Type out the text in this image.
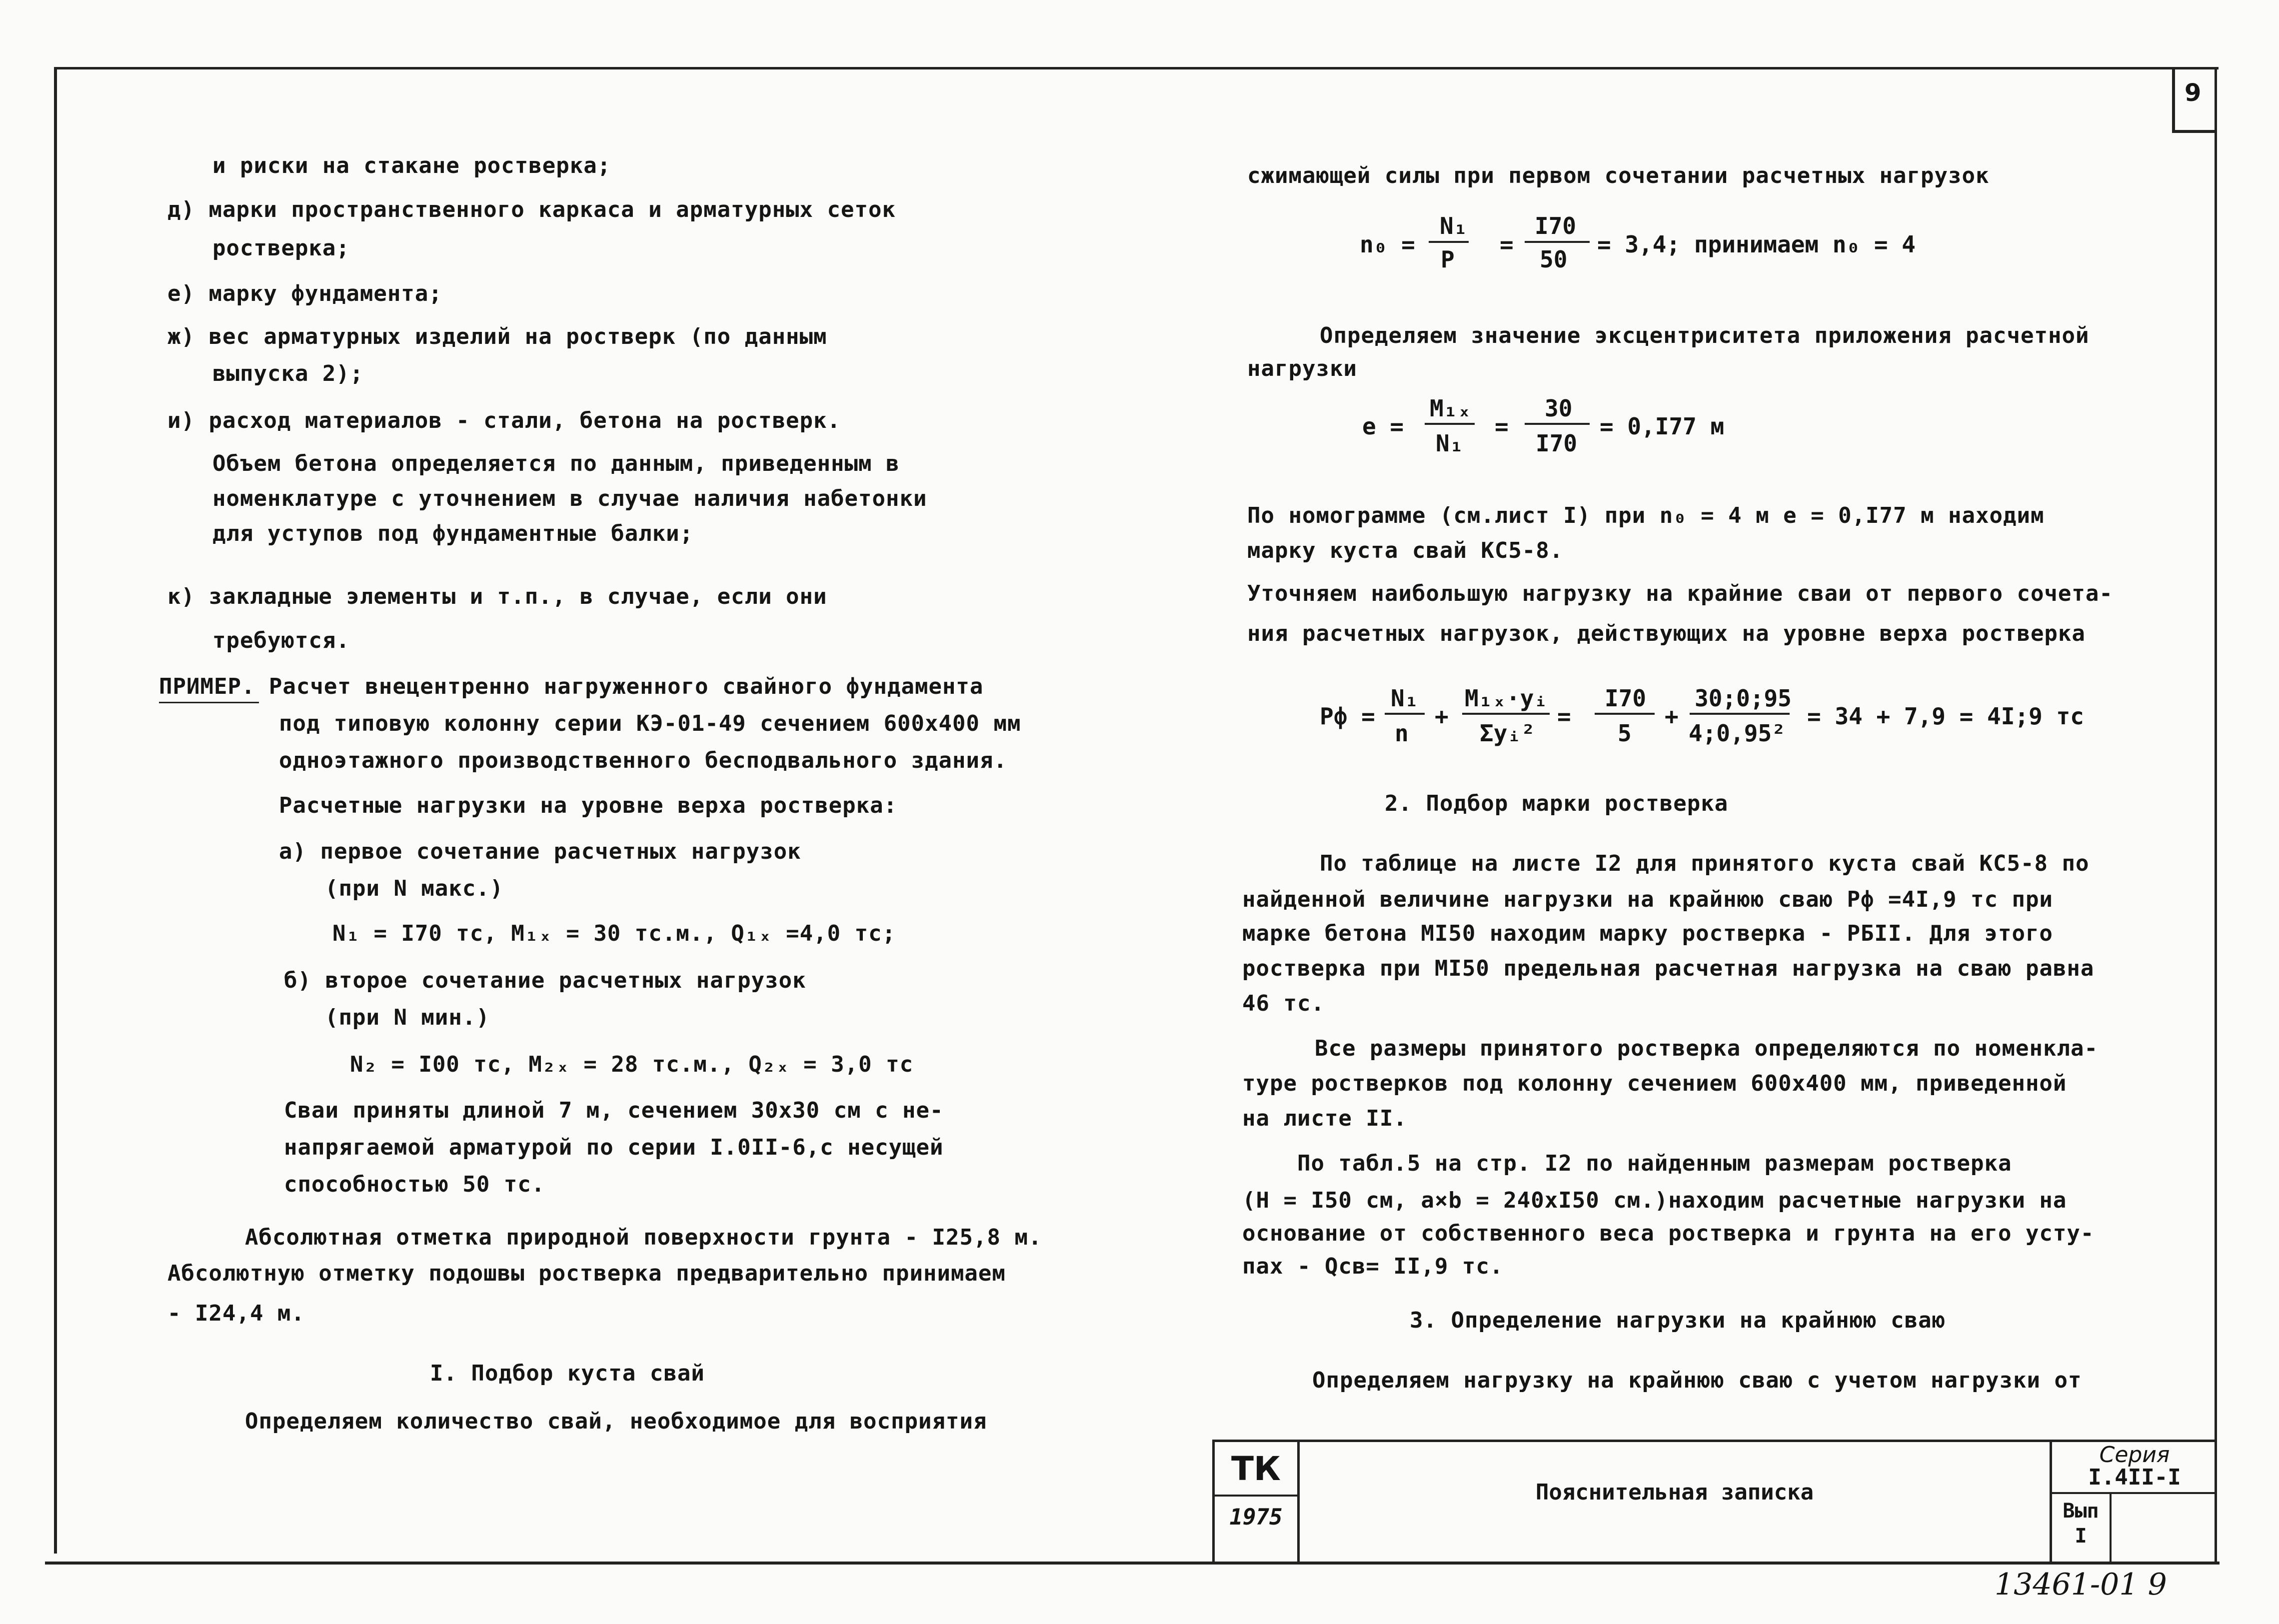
9
и риски на стакане ростверка;
д) марки пространственного каркаса и арматурных сеток
ростверка;
е) марку фундамента;
ж) вес арматурных изделий на ростверк (по данным
выпуска 2);
и) расход материалов - стали, бетона на ростверк.
Объем бетона определяется по данным, приведенным в
номенклатуре с уточнением в случае наличия набетонки
для уступов под фундаментные балки;
к) закладные элементы и т.п., в случае, если они
требуются.
ПРИМЕР. Расчет внецентренно нагруженного свайного фундамента
под типовую колонну серии КЭ-01-49 сечением 600х400 мм
одноэтажного производственного бесподвального здания.
Расчетные нагрузки на уровне верха ростверка:
а) первое сочетание расчетных нагрузок
(при N макс.)
N₁ = I70 тс, M₁ₓ = 30 тс.м., Q₁ₓ =4,0 тс;
б) второе сочетание расчетных нагрузок
(при N мин.)
N₂ = I00 тс, M₂ₓ = 28 тс.м., Q₂ₓ = 3,0 тс
Сваи приняты длиной 7 м, сечением 30х30 см с не-
напрягаемой арматурой по серии I.0II-6,с несущей
способностью 50 тс.
Абсолютная отметка природной поверхности грунта - I25,8 м.
Абсолютную отметку подошвы ростверка предварительно принимаем
- I24,4 м.
I. Подбор куста свай
Определяем количество свай, необходимое для восприятия
сжимающей силы при первом сочетании расчетных нагрузок
n₀ =
N₁
P
=
I70
50
= 3,4; принимаем n₀ = 4
Определяем значение эксцентриситета приложения расчетной
нагрузки
e =
M₁ₓ
N₁
=
30
I70
= 0,I77 м
По номограмме (см.лист I) при n₀ = 4 м e = 0,I77 м находим
марку куста свай КС5-8.
Уточняем наибольшую нагрузку на крайние сваи от первого сочета-
ния расчетных нагрузок, действующих на уровне верха ростверка
Pф =
N₁
n
+
M₁ₓ·yᵢ
Σyᵢ²
=
I70
5
+
30;0;95
4;0,95²
= 34 + 7,9 = 4I;9 тс
2. Подбор марки ростверка
По таблице на листе I2 для принятого куста свай КС5-8 по
найденной величине нагрузки на крайнюю сваю Pф =4I,9 тс при
марке бетона МI50 находим марку ростверка - РБII. Для этого
ростверка при МI50 предельная расчетная нагрузка на сваю равна
46 тс.
Все размеры принятого ростверка определяются по номенкла-
туре ростверков под колонну сечением 600х400 мм, приведенной
на листе II.
По табл.5 на стр. I2 по найденным размерам ростверка
(Н = I50 см, a×b = 240хI50 см.)находим расчетные нагрузки на
основание от собственного веса ростверка и грунта на его усту-
пах - Qсв= II,9 тс.
3. Определение нагрузки на крайнюю сваю
Определяем нагрузку на крайнюю сваю с учетом нагрузки от
ТК
1975
Пояснительная записка
Серия
I.4II-I
Вып
I
13461-01 9
